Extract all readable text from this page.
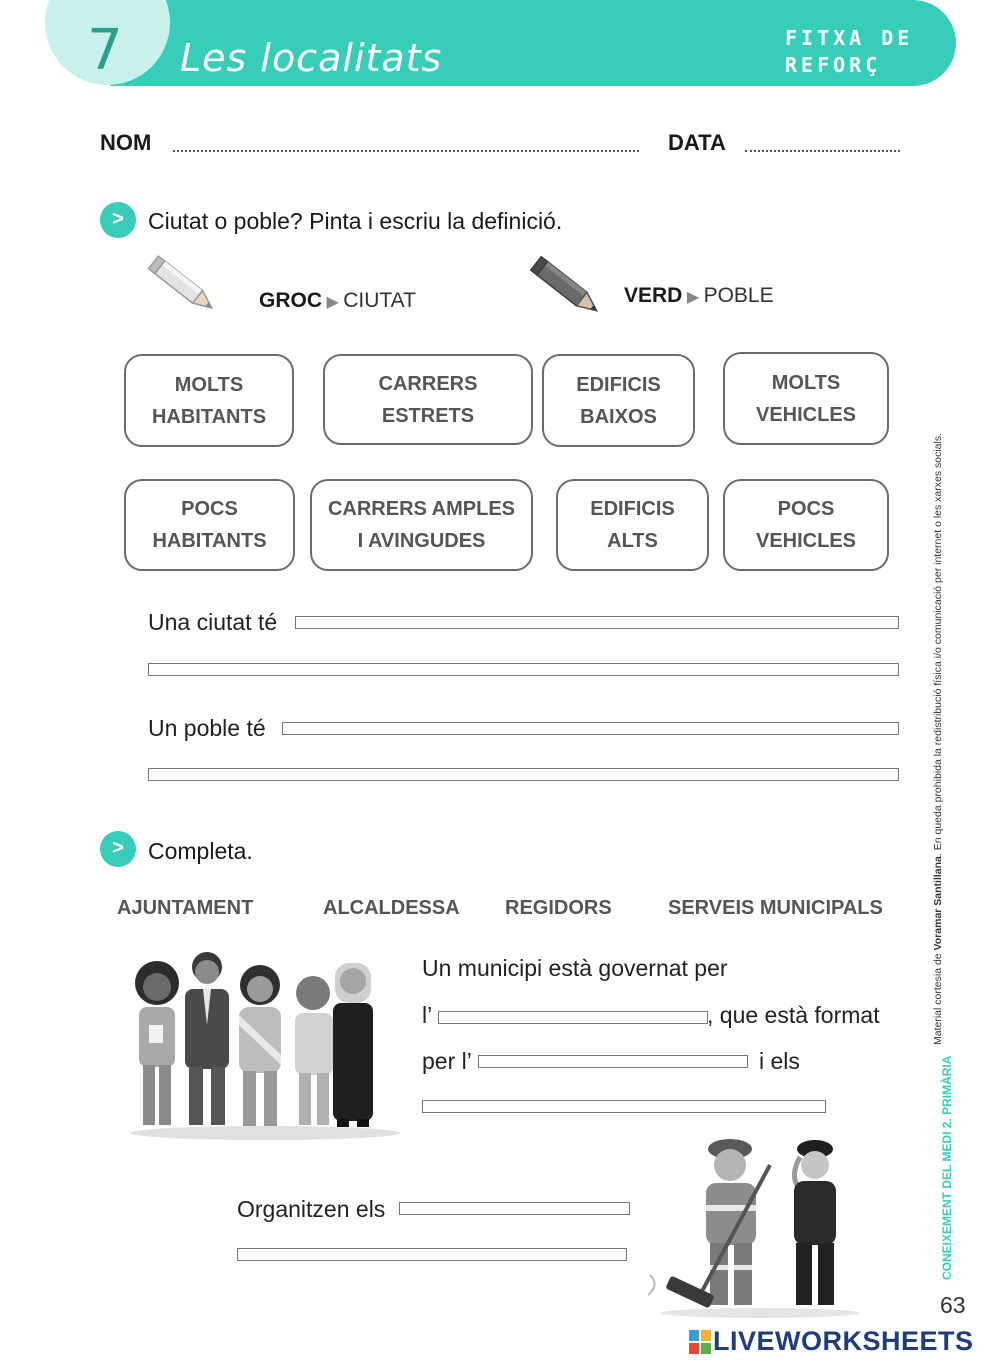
7	Les localitats	FITXA DE
REFORÇ
NOM	DATA
>	Ciutat o poble? Pinta i escriu la definició.
GROC ▶ CIUTAT	VERD ▶ POBLE
MOLTS
HABITANTS
CARRERS
ESTRETS
EDIFICIS
BAIXOS
MOLTS
VEHICLES
POCS
HABITANTS
CARRERS AMPLES
I AVINGUDES
EDIFICIS
ALTS
POCS
VEHICLES
Una ciutat té
Un poble té
>	Completa.
AJUNTAMENT	ALCALDESSA REGIDORS	SERVEIS MUNICIPALS
Un municipi està governat per
l’	, que està format
per l’	i els
Organitzen els
Material cortesia de Voramar Santillana. En queda prohibida la redistribució física i/o comunicació per internet o les xarxes socials.
CONEIXEMENT DEL MEDI 2. PRIMÀRIA
63
LIVEWORKSHEETS
